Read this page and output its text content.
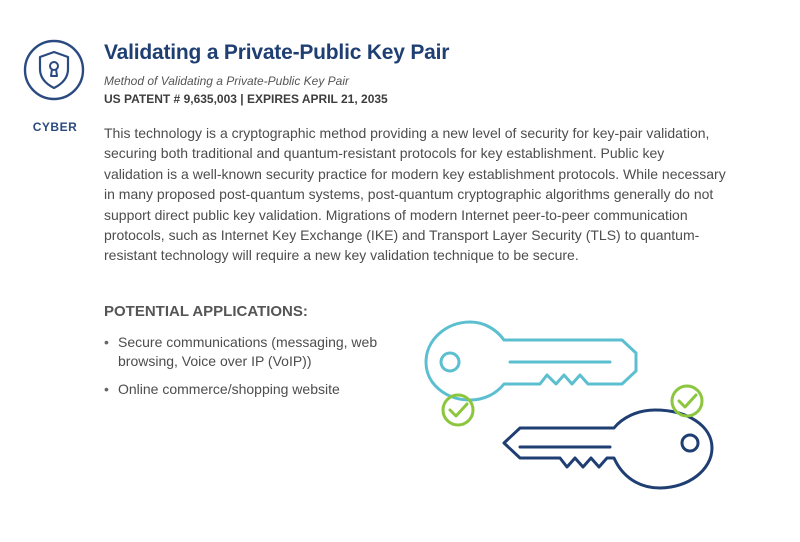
CYBER
Validating a Private-Public Key Pair
Method of Validating a Private-Public Key Pair
US PATENT # 9,635,003 | EXPIRES APRIL 21, 2035

This technology is a cryptographic method providing a new level of security for key-pair validation, securing both traditional and quantum-resistant protocols for key establishment. Public key validation is a well-known security practice for modern key establishment protocols. While necessary in many proposed post-quantum systems, post-quantum cryptographic algorithms generally do not support direct public key validation. Migrations of modern Internet peer-to-peer communication protocols, such as Internet Key Exchange (IKE) and Transport Layer Security (TLS) to quantum-resistant technology will require a new key validation technique to be secure.

POTENTIAL APPLICATIONS:
• Secure communications (messaging, web browsing, Voice over IP (VoIP))
• Online commerce/shopping website
